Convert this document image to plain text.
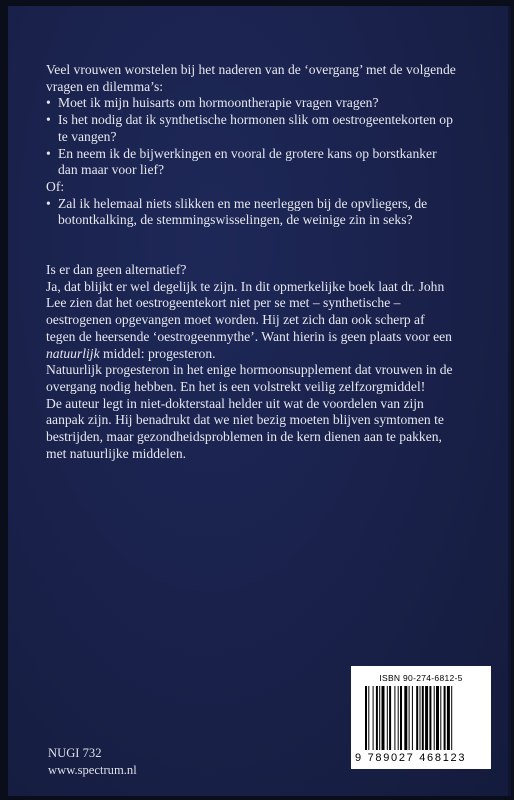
Veel vrouwen worstelen bij het naderen van de ‘overgang’ met de volgende vragen en dilemma’s:

• Moet ik mijn huisarts om hormoontherapie vragen vragen?
• Is het nodig dat ik synthetische hormonen slik om oestrogeentekorten op te vangen?
• En neem ik de bijwerkingen en vooral de grotere kans op borstkanker dan maar voor lief?

Of:

• Zal ik helemaal niets slikken en me neerleggen bij de opvliegers, de botontkalking, de stemmingswisselingen, de weinige zin in seks?

Is er dan geen alternatief?

Ja, dat blijkt er wel degelijk te zijn. In dit opmerkelijke boek laat dr. John Lee zien dat het oestrogeentekort niet per se met – synthetische – oestrogenen opgevangen moet worden. Hij zet zich dan ook scherp af tegen de heersende ‘oestrogeenmythe’. Want hierin is geen plaats voor een natuurlijk middel: progesteron.

Natuurlijk progesteron in het enige hormoonsupplement dat vrouwen in de overgang nodig hebben. En het is een volstrekt veilig zelfzorgmiddel!

De auteur legt in niet-dokterstaal helder uit wat de voordelen van zijn aanpak zijn. Hij benadrukt dat we niet bezig moeten blijven symtomen te bestrijden, maar gezondheidsproblemen in de kern dienen aan te pakken, met natuurlijke middelen.

NUGI 732
www.spectrum.nl
ISBN 90-274-6812-5
9 789027 468123
